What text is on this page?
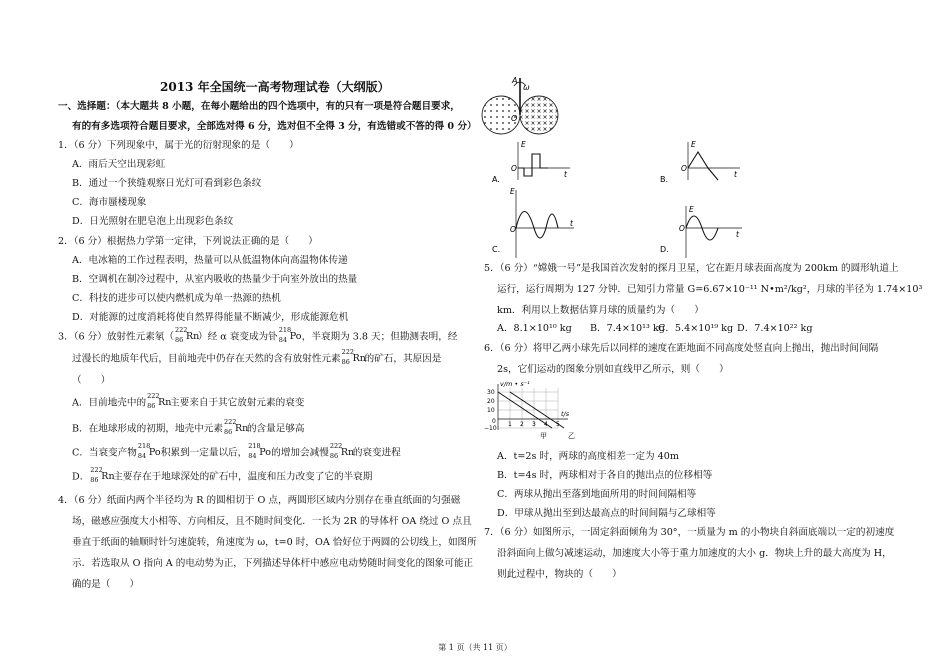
2013 年全国统一高考物理试卷（大纲版）
一、选择题：（本大题共 8 小题，在每小题给出的四个选项中，有的只有一项是符合题目要求，
有的有多选项符合题目要求，全部选对得 6 分，选对但不全得 3 分，有选错或不答的得 0 分）
1．（6 分）下列现象中，属于光的衍射现象的是（　　）
A．雨后天空出现彩虹
B．通过一个狭缝观察日光灯可看到彩色条纹
C．海市蜃楼现象
D．日光照射在肥皂泡上出现彩色条纹
2．（6 分）根据热力学第一定律，下列说法正确的是（　　）
A．电冰箱的工作过程表明，热量可以从低温物体向高温物体传递
B．空调机在制冷过程中，从室内吸收的热量少于向室外放出的热量
C．科技的进步可以使内燃机成为单一热源的热机
D．对能源的过度消耗将使自然界得能量不断减少，形成能源危机
3．（6 分）放射性元素氡（
222
86 Rn
）经 α 衰变成为钋
218
84 Po ，半衰期为 3.8 天；但勘测表明，经
过漫长的地质年代后，目前地壳中仍存在天然的含有放射性元素
222
86 Rn
的矿石，其原因是
（　　）
A．目前地壳中的
222
86 Rn
主要来自于其它放射元素的衰变
B．在地球形成的初期，地壳中元素
222
86 Rn
的含量足够高
C．当衰变产物
218
84 Po 积累到一定量以后，
218
84 Po 的增加会减慢
222
86 Rn
的衰变进程
D．
222
86 Rn
主要存在于地球深处的矿石中，温度和压力改变了它的半衰期
4．（6 分）纸面内两个半径均为 R 的圆相切于 O 点，两圆形区域内分别存在垂直纸面的匀强磁
场，磁感应强度大小相等、方向相反，且不随时间变化．一长为 2R 的导体杆 OA 绕过 O 点且
垂直于纸面的轴顺时针匀速旋转，角速度为 ω，t=0 时，OA 恰好位于两圆的公切线上，如图所
示．若选取从 O 指向 A 的电动势为正，下列描述导体杆中感应电动势随时间变化的图象可能正
确的是（　　）
A
ω
O
E
t
O
A.
E
t
O
B.
E
t
O
C.
E
t
O
D.
5．（6 分）“嫦娥一号”是我国首次发射的探月卫星，它在距月球表面高度为 200km 的圆形轨道上
运行，运行周期为 127 分钟．已知引力常量 G=6.67×10⁻¹¹ N•m²/kg²，月球的半径为 1.74×10³
km．利用以上数据估算月球的质量约为（　　）
A．8.1×10¹⁰ kg B．7.4×10¹³ kg
C．5.4×10¹⁹ kg D．7.4×10²² kg
6．（6 分）将甲乙两小球先后以同样的速度在距地面不同高度处竖直向上抛出，抛出时间间隔
2s，它们运动的图象分别如直线甲乙所示，则（　　）
v/m • s⁻¹
t/s
30
20
10
0
−10
1 2 3 4 5
甲	乙
A．t=2s 时，两球的高度相差一定为 40m
B．t=4s 时，两球相对于各自的抛出点的位移相等
C．两球从抛出至落到地面所用的时间间隔相等
D．甲球从抛出至到达最高点的时间间隔与乙球相等
7．（6 分）如图所示，一固定斜面倾角为 30°，一质量为 m 的小物块自斜面底端以一定的初速度
沿斜面向上做匀减速运动，加速度大小等于重力加速度的大小 g．物块上升的最大高度为 H，
则此过程中，物块的（　　）
第 1 页（共 11 页）
